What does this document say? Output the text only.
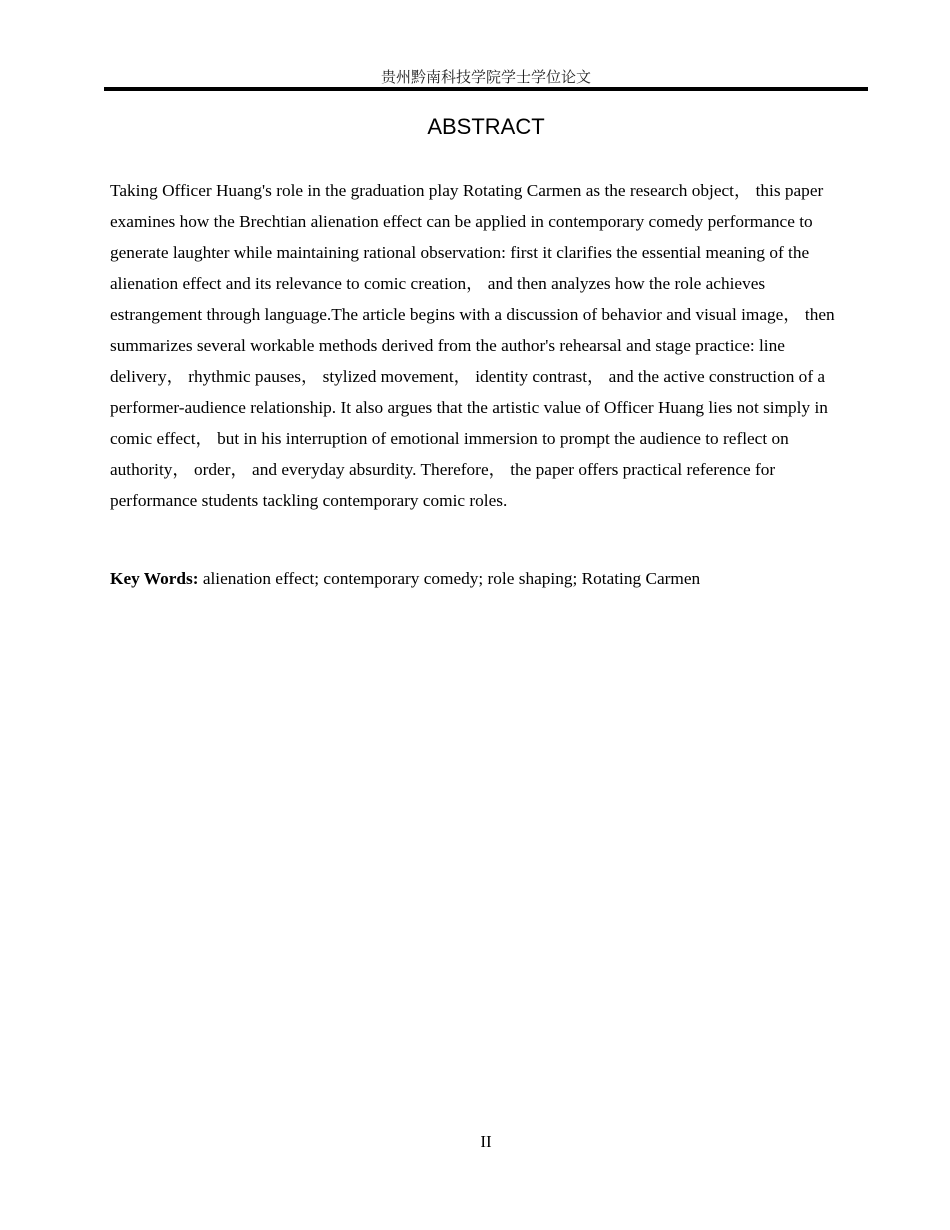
贵州黔南科技学院学士学位论文
ABSTRACT

Taking Officer Huang's role in the graduation play Rotating Carmen as the research object， this paper examines how the Brechtian alienation effect can be applied in contemporary comedy performance to generate laughter while maintaining rational observation: first it clarifies the essential meaning of the alienation effect and its relevance to comic creation， and then analyzes how the role achieves estrangement through language.The article begins with a discussion of behavior and visual image， then summarizes several workable methods derived from the author's rehearsal and stage practice: line delivery， rhythmic pauses， stylized movement， identity contrast， and the active construction of a performer-audience relationship. It also argues that the artistic value of Officer Huang lies not simply in comic effect， but in his interruption of emotional immersion to prompt the audience to reflect on authority， order， and everyday absurdity. Therefore， the paper offers practical reference for performance students tackling contemporary comic roles.

Key Words: alienation effect; contemporary comedy; role shaping; Rotating Carmen

II
